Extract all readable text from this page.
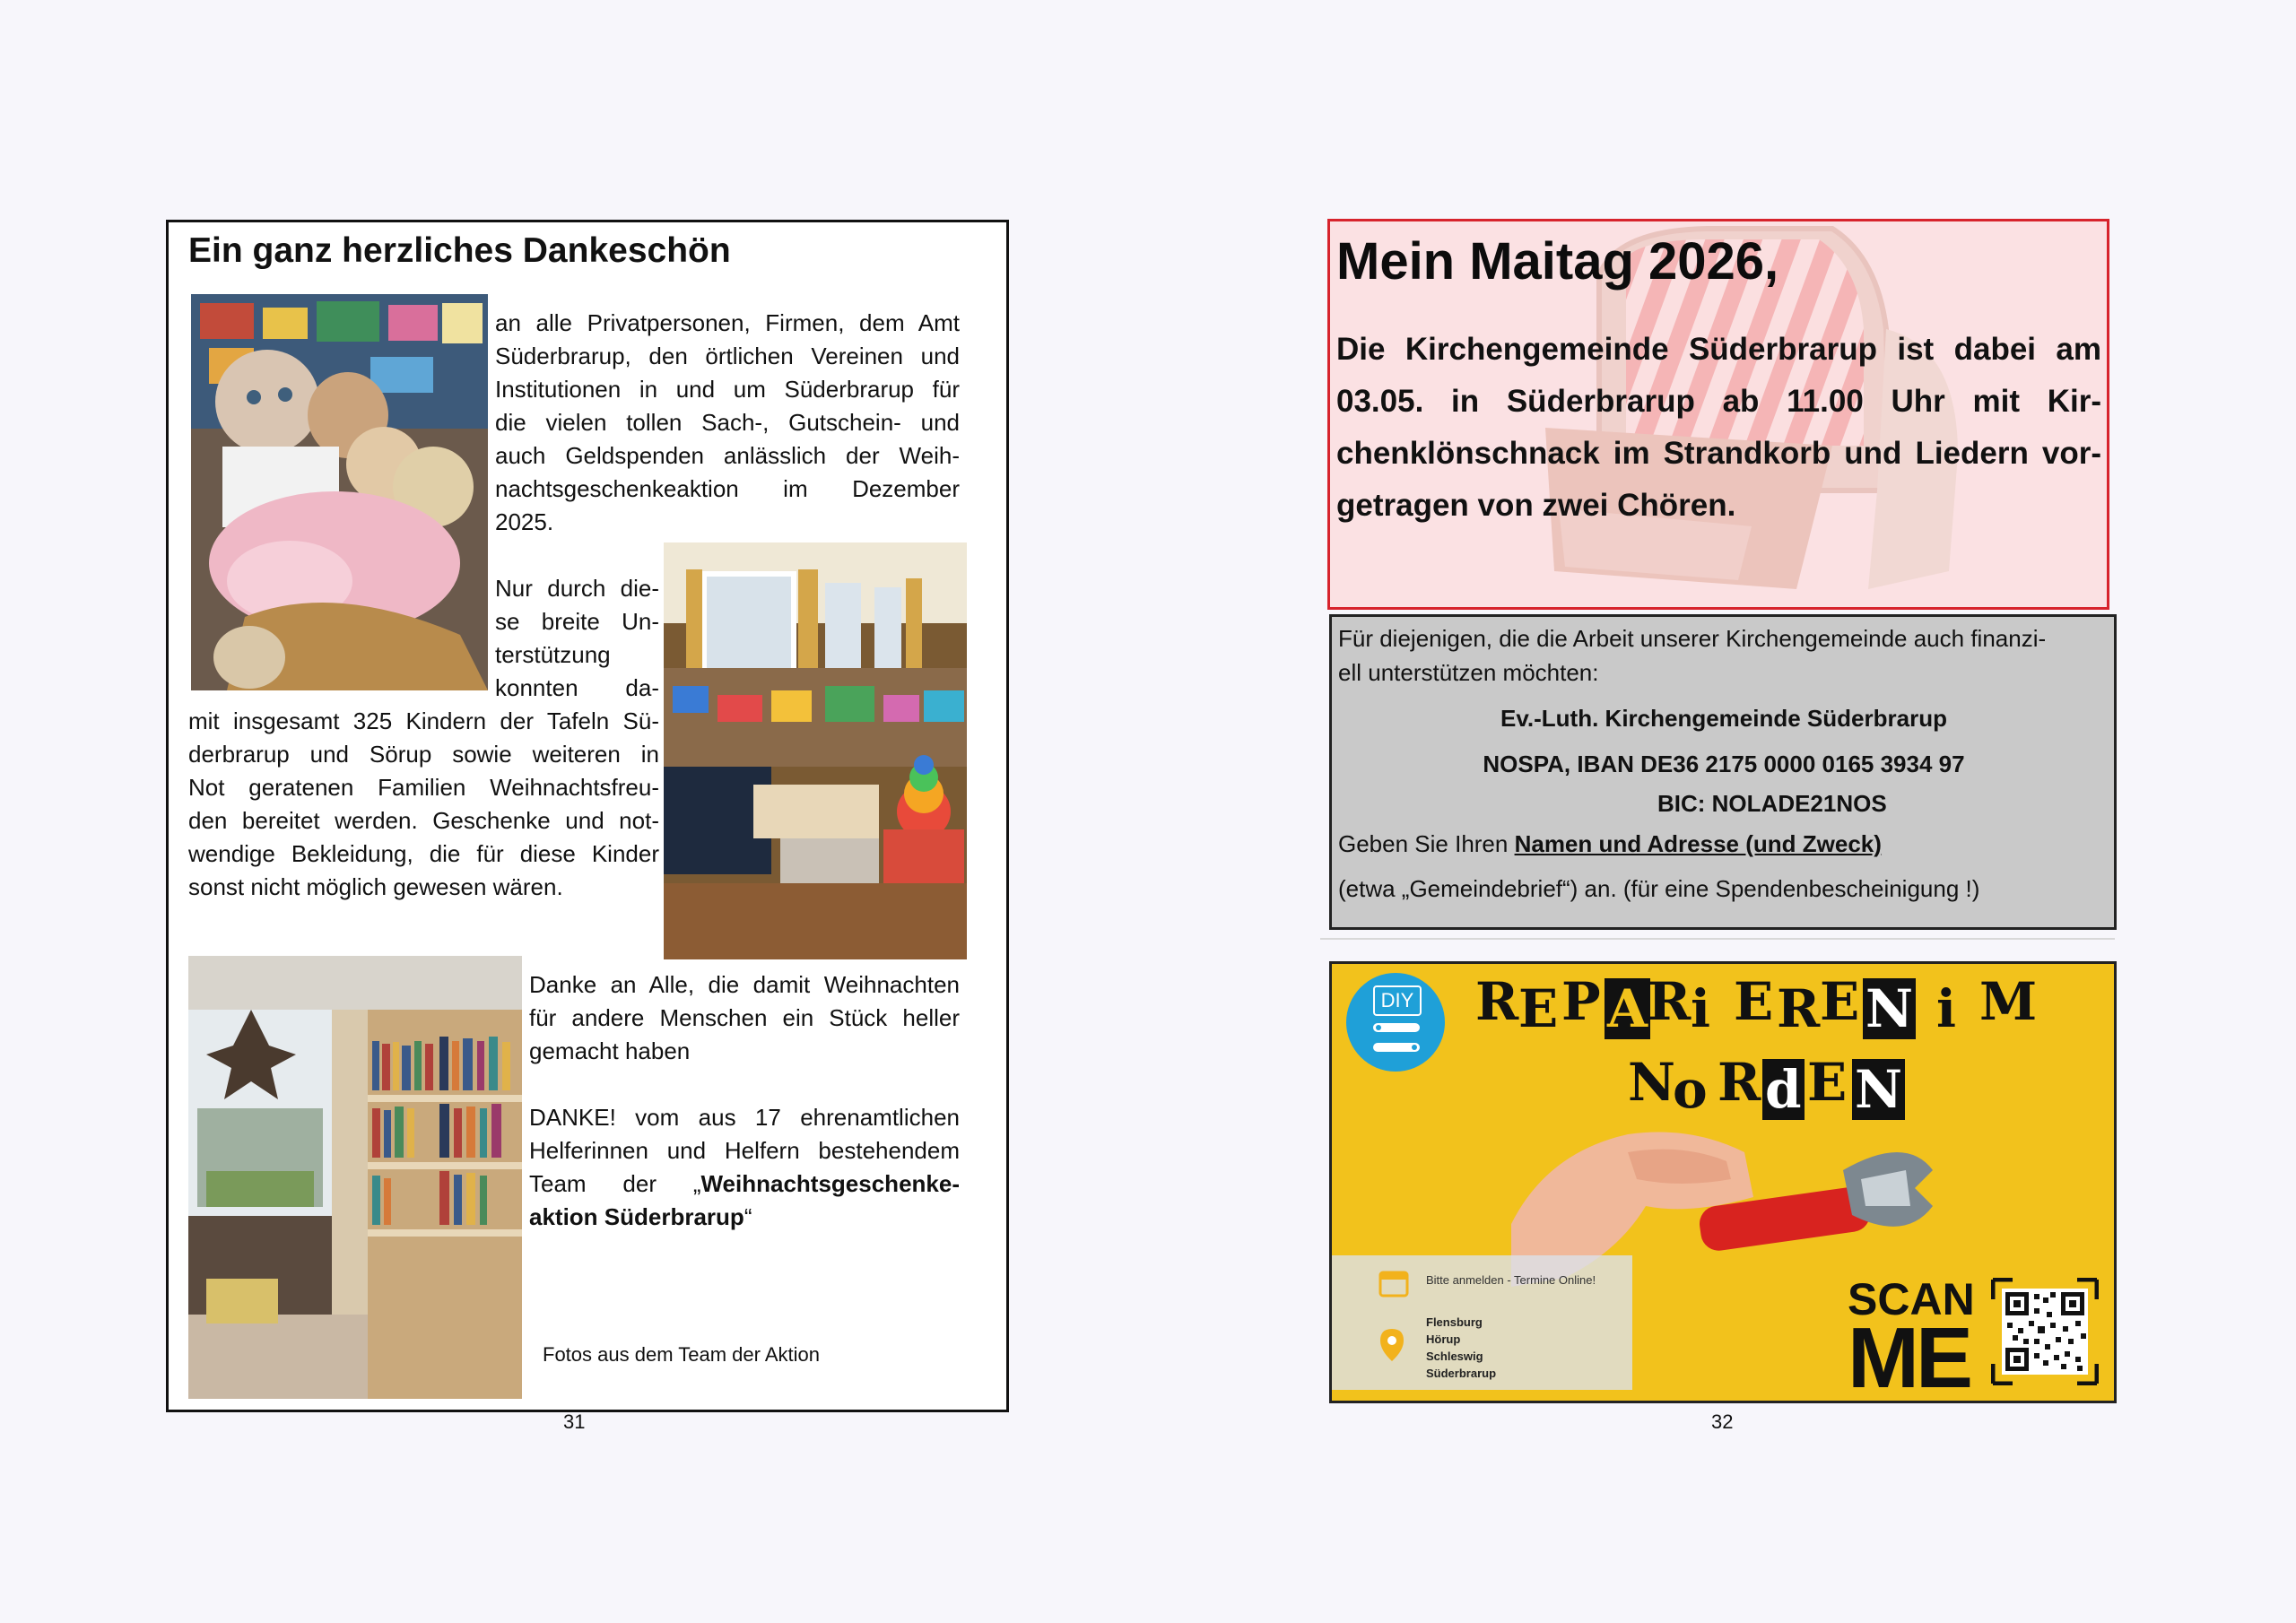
Ein ganz herzliches Dankeschön
an alle Privatpersonen, Firmen, dem Amt
Süderbrarup, den örtlichen Vereinen und
Institutionen in und um Süderbrarup für
die vielen tollen Sach-, Gutschein- und
auch Geldspenden anlässlich der Weih-
nachtsgeschenkeaktion im Dezember
2025.
Nur durch die-
se breite Un-
terstützung
konnten da-
mit insgesamt 325 Kindern der Tafeln Sü-
derbrarup und Sörup sowie weiteren in
Not geratenen Familien Weihnachtsfreu-
den bereitet werden. Geschenke und not-
wendige Bekleidung, die für diese Kinder
sonst nicht möglich gewesen wären.
Danke an Alle, die damit Weihnachten
für andere Menschen ein Stück heller
gemacht haben
DANKE! vom aus 17 ehrenamtlichen
Helferinnen und Helfern bestehendem
Team der „Weihnachtsgeschenke-
aktion Süderbrarup“
Fotos aus dem Team der Aktion
31
Mein Maitag 2026,
Die Kirchengemeinde Süderbrarup ist dabei am
03.05. in Süderbrarup ab 11.00 Uhr mit Kir-
chenklönschnack im Strandkorb und Liedern vor-
getragen von zwei Chören.
Für diejenigen, die die Arbeit unserer Kirchengemeinde auch finanzi-
ell unterstützen möchten:
Ev.-Luth. Kirchengemeinde Süderbrarup
NOSPA, IBAN DE36 2175 0000 0165 3934 97
BIC: NOLADE21NOS
Geben Sie Ihren Namen und Adresse (und Zweck)
(etwa „Gemeindebrief“) an. (für eine Spendenbescheinigung !)
DIY
Bitte anmelden - Termine Online!
Flensburg
Hörup
Schleswig
Süderbrarup
SCAN
ME
R E P A R i E R E N i M
N
o R d E N
32
